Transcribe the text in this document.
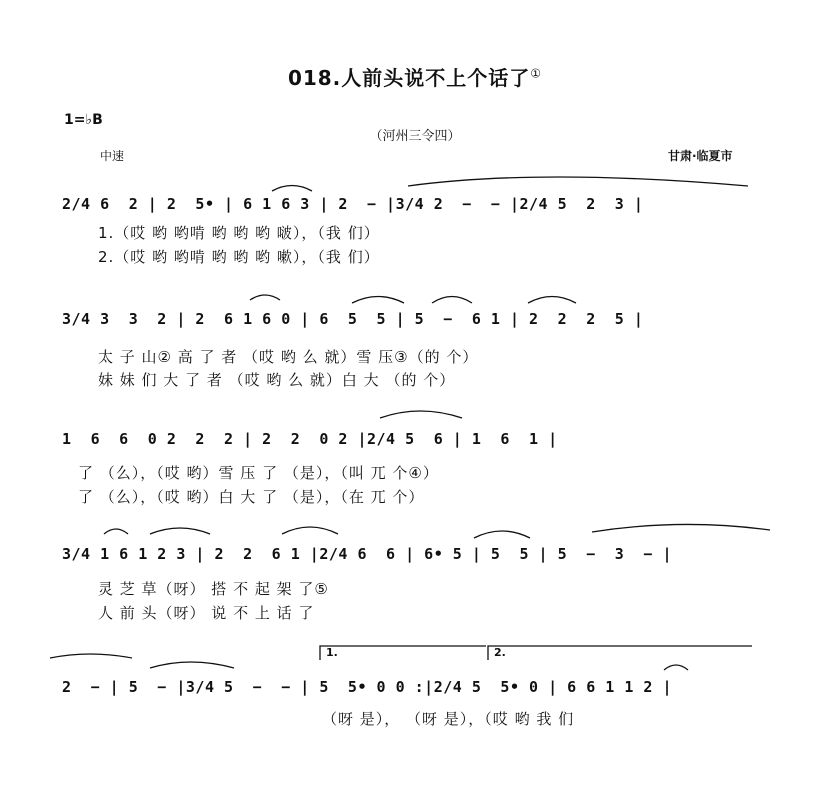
018.人前头说不上个话了①
1=♭B
（河州三令四）
中速	甘肃·临夏市
2/4 6  2 | 2  5• | 6 1 6 3 | 2  − |3/4 2  −  − |2/4 5  2  3 |
1.（哎 哟 哟啃 哟 哟 哟 啵），（我 们）
2.（哎 哟 哟啃 哟 哟 哟 嗽），（我 们）
3/4 3  3  2 | 2  6 1 6 0 | 6  5  5 | 5  −  6 1 | 2  2  2  5 |
太 子 山② 高 了 者 （哎 哟 么 就）雪 压③（的 个）
妹 妹 们 大 了 者 （哎 哟 么 就）白 大 （的 个）
1  6  6  0 2  2  2 | 2  2  0 2 |2/4 5  6 | 1  6  1 |
了 （么），（哎 哟）雪 压 了 （是），（叫 兀 个④）
了 （么），（哎 哟）白 大 了 （是），（在 兀 个）
3/4 1 6 1 2 3 | 2  2  6 1 |2/4 6  6 | 6• 5 | 5  5 | 5  −  3  − |
灵 芝 草（呀） 搭 不 起 架 了⑤
人 前 头（呀） 说 不 上 话 了
1.	2.
2  − | 5  − |3/4 5  −  − | 5  5• 0 0 :|2/4 5  5• 0 | 6 6 1 1 2 |
（呀 是）， （呀 是），（哎 哟 我 们
